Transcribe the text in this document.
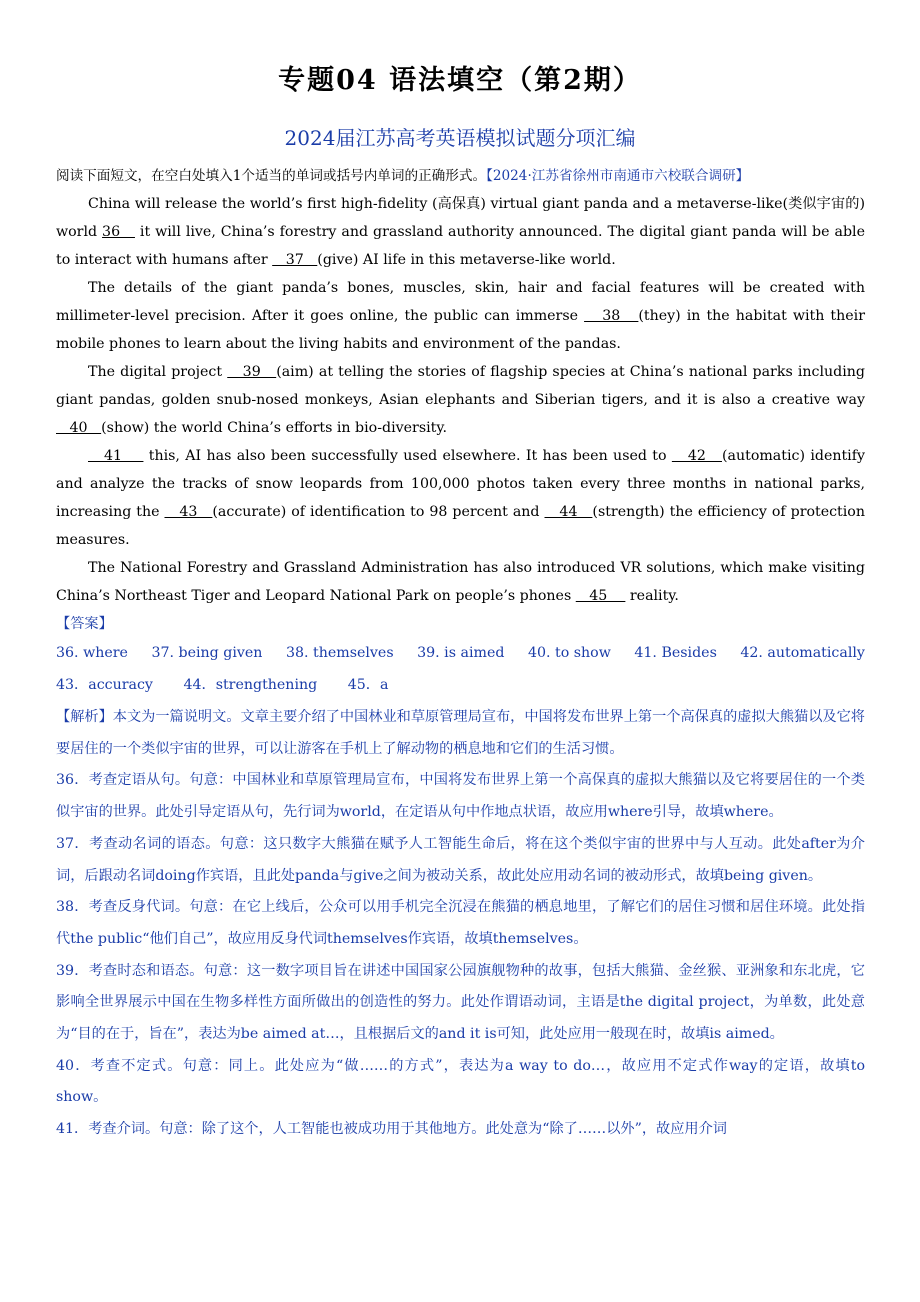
专题04 语法填空（第2期）
2024届江苏高考英语模拟试题分项汇编

阅读下面短文，在空白处填入1个适当的单词或括号内单词的正确形式。【2024·江苏省徐州市南通市六校联合调研】

China will release the world’s first high-fidelity (高保真) virtual giant panda and a metaverse-like(类似宇宙的) world 36    it will live, China’s forestry and grassland authority announced. The digital giant panda will be able to interact with humans after    37   (give) AI life in this metaverse-like world.

The details of the giant panda’s bones, muscles, skin, hair and facial features will be created with millimeter-level precision. After it goes online, the public can immerse    38   (they) in the habitat with their mobile phones to learn about the living habits and environment of the pandas.

The digital project    39   (aim) at telling the stories of flagship species at China’s national parks including giant pandas, golden snub-nosed monkeys, Asian elephants and Siberian tigers, and it is also a creative way    40   (show) the world China’s efforts in bio-diversity.

41     this, AI has also been successfully used elsewhere. It has been used to    42   (automatic) identify and analyze the tracks of snow leopards from 100,000 photos taken every three months in national parks, increasing the    43   (accurate) of identification to 98 percent and    44   (strength) the efficiency of protection measures.

The National Forestry and Grassland Administration has also introduced VR solutions, which make visiting China’s Northeast Tiger and Leopard National Park on people’s phones    45     reality.

【答案】

36. where 37. being given 38. themselves 39. is aimed 40. to show 41. Besides 42. automatically
43．accuracy 44．strengthening 45．a

【解析】本文为一篇说明文。文章主要介绍了中国林业和草原管理局宣布，中国将发布世界上第一个高保真的虚拟大熊猫以及它将要居住的一个类似宇宙的世界，可以让游客在手机上了解动物的栖息地和它们的生活习惯。

36．考查定语从句。句意：中国林业和草原管理局宣布，中国将发布世界上第一个高保真的虚拟大熊猫以及它将要居住的一个类似宇宙的世界。此处引导定语从句，先行词为world，在定语从句中作地点状语，故应用where引导，故填where。

37．考查动名词的语态。句意：这只数字大熊猫在赋予人工智能生命后，将在这个类似宇宙的世界中与人互动。此处after为介词，后跟动名词doing作宾语，且此处panda与give之间为被动关系，故此处应用动名词的被动形式，故填being given。

38．考查反身代词。句意：在它上线后，公众可以用手机完全沉浸在熊猫的栖息地里，了解它们的居住习惯和居住环境。此处指代the public“他们自己”，故应用反身代词themselves作宾语，故填themselves。

39．考查时态和语态。句意：这一数字项目旨在讲述中国国家公园旗舰物种的故事，包括大熊猫、金丝猴、亚洲象和东北虎，它影响全世界展示中国在生物多样性方面所做出的创造性的努力。此处作谓语动词，主语是the digital project，为单数，此处意为“目的在于，旨在”，表达为be aimed at…，且根据后文的and it is可知，此处应用一般现在时，故填is aimed。

40．考查不定式。句意：同上。此处应为“做……的方式”，表达为a way to do…，故应用不定式作way的定语，故填to show。

41．考查介词。句意：除了这个，人工智能也被成功用于其他地方。此处意为“除了……以外”，故应用介词
